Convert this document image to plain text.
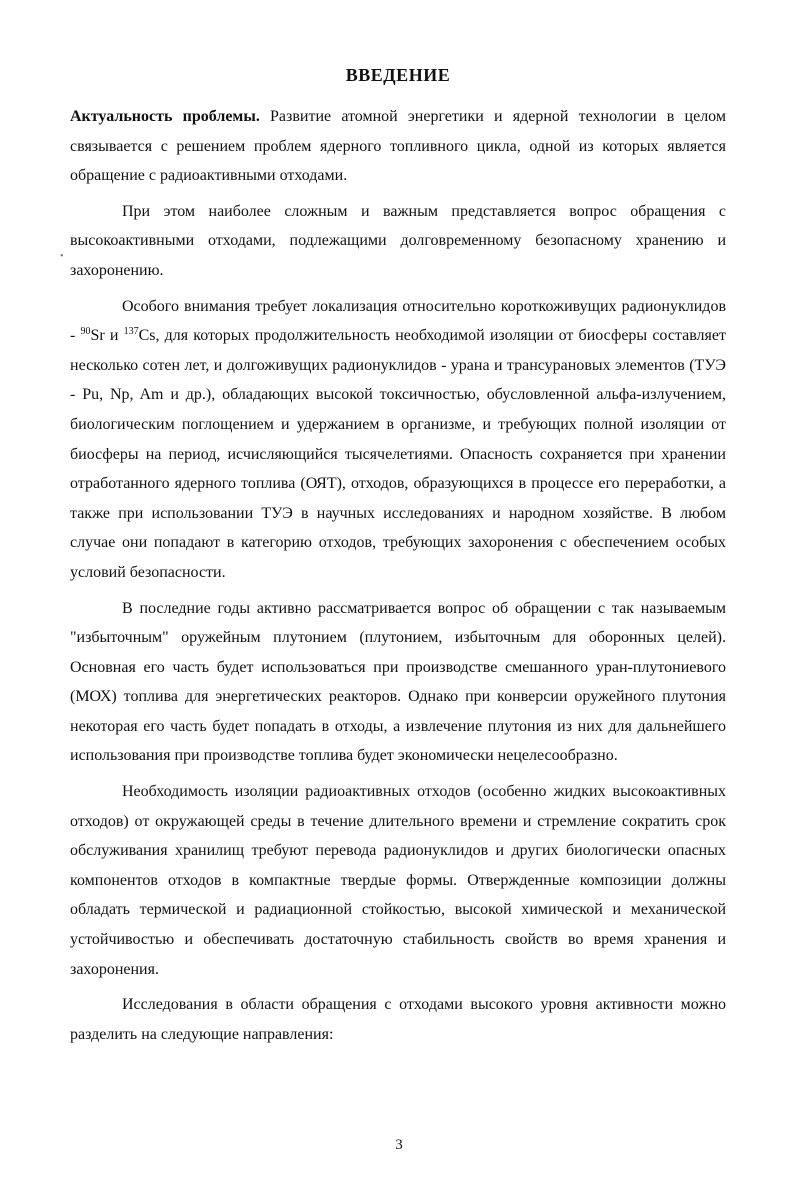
ВВЕДЕНИЕ

Актуальность проблемы. Развитие атомной энергетики и ядерной технологии в целом связывается с решением проблем ядерного топливного цикла, одной из которых является обращение с радиоактивными отходами.

При этом наиболее сложным и важным представляется вопрос обращения с высокоактивными отходами, подлежащими долговременному безопасному хранению и захоронению.

Особого внимания требует локализация относительно короткоживущих радионуклидов - $^{90}$Sr и $^{137}$Cs, для которых продолжительность необходимой изоляции от биосферы составляет несколько сотен лет, и долгоживущих радионуклидов - урана и трансурановых элементов (ТУЭ - Pu, Np, Am и др.), обладающих высокой токсичностью, обусловленной альфа-излучением, биологическим поглощением и удержанием в организме, и требующих полной изоляции от биосферы на период, исчисляющийся тысячелетиями. Опасность сохраняется при хранении отработанного ядерного топлива (ОЯТ), отходов, образующихся в процессе его переработки, а также при использовании ТУЭ в научных исследованиях и народном хозяйстве. В любом случае они попадают в категорию отходов, требующих захоронения с обеспечением особых условий безопасности.

В последние годы активно рассматривается вопрос об обращении с так называемым "избыточным" оружейным плутонием (плутонием, избыточным для оборонных целей). Основная его часть будет использоваться при производстве смешанного уран-плутониевого (МОХ) топлива для энергетических реакторов. Однако при конверсии оружейного плутония некоторая его часть будет попадать в отходы, а извлечение плутония из них для дальнейшего использования при производстве топлива будет экономически нецелесообразно.

Необходимость изоляции радиоактивных отходов (особенно жидких высокоактивных отходов) от окружающей среды в течение длительного времени и стремление сократить срок обслуживания хранилищ требуют перевода радионуклидов и других биологически опасных компонентов отходов в компактные твердые формы. Отвержденные композиции должны обладать термической и радиационной стойкостью, высокой химической и механической устойчивостью и обеспечивать достаточную стабильность свойств во время хранения и захоронения.

Исследования в области обращения с отходами высокого уровня активности можно разделить на следующие направления:

•
3
